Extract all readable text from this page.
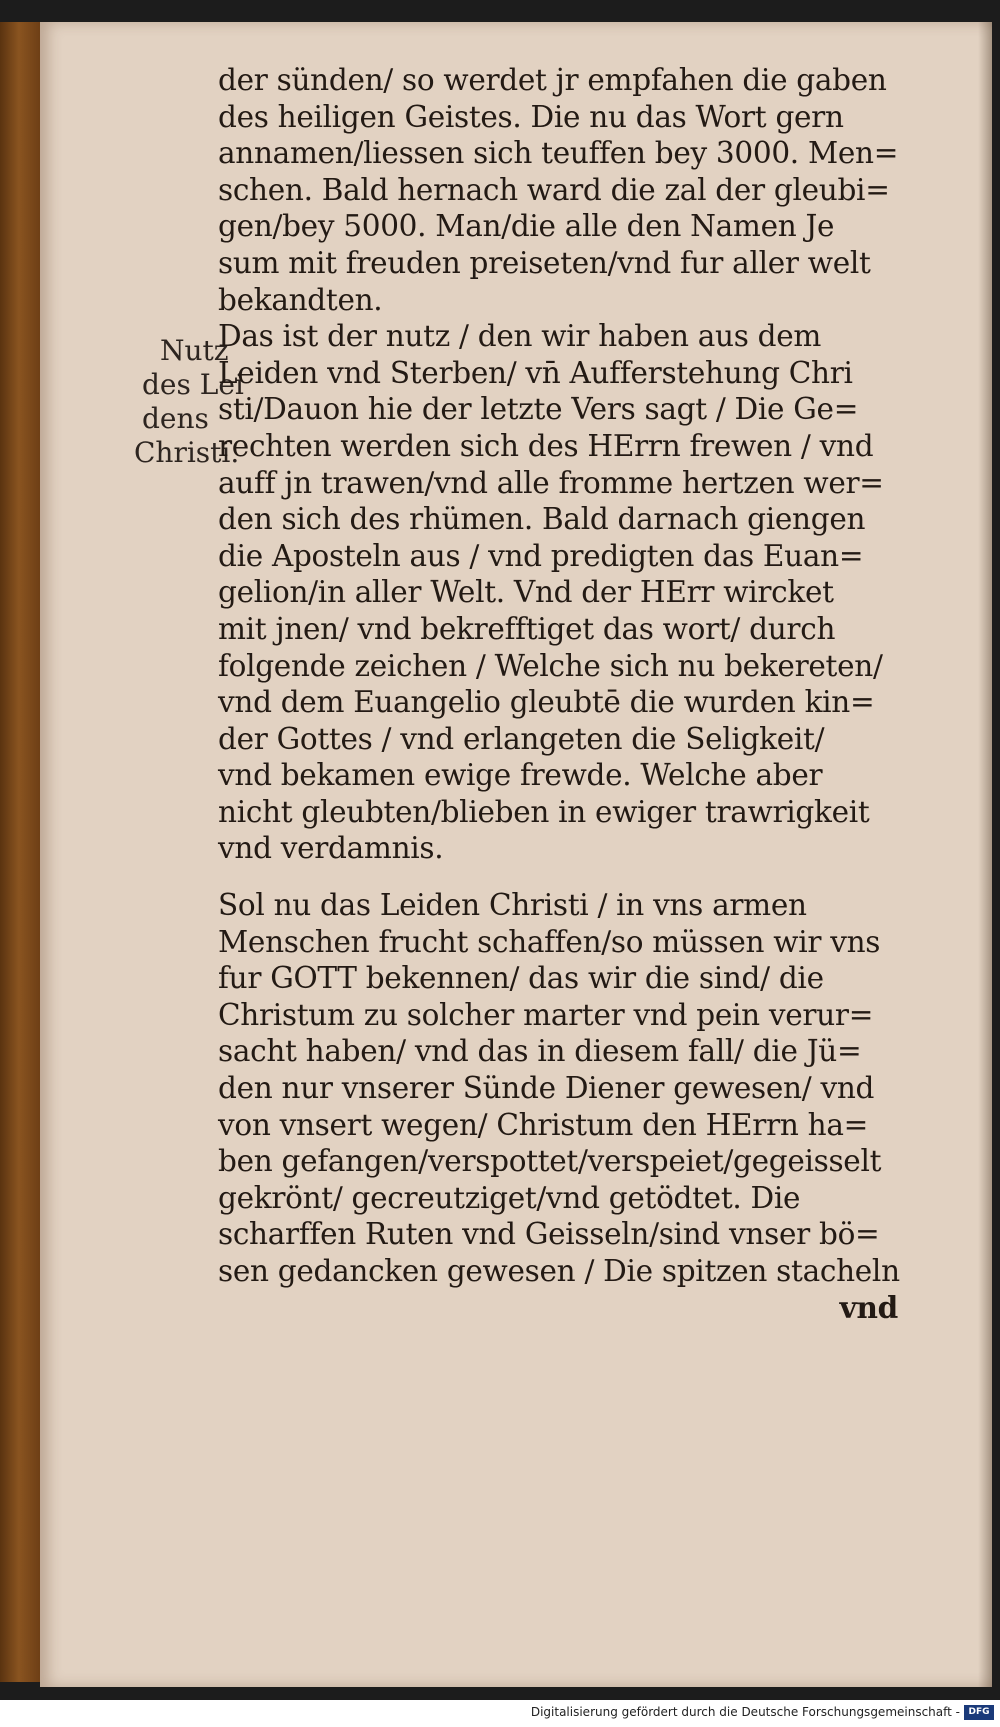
Nutz
des Lei
dens
Christi.
der sünden/ so werdet jr empfahen die gaben
des heiligen Geistes. Die nu das Wort gern
annamen/liessen sich teuffen bey 3000. Men=
schen. Bald hernach ward die zal der gleubi=
gen/bey 5000. Man/die alle den Namen Je
sum mit freuden preiseten/vnd fur aller welt
bekandten.
Das ist der nutz / den wir haben aus dem
Leiden vnd Sterben/ vn̄ Aufferstehung Chri
sti/Dauon hie der letzte Vers sagt / Die Ge=
rechten werden sich des HErrn frewen / vnd
auff jn trawen/vnd alle fromme hertzen wer=
den sich des rhümen. Bald darnach giengen
die Aposteln aus / vnd predigten das Euan=
gelion/in aller Welt. Vnd der HErr wircket
mit jnen/ vnd bekrefftiget das wort/ durch
folgende zeichen / Welche sich nu bekereten/
vnd dem Euangelio gleubtē die wurden kin=
der Gottes / vnd erlangeten die Seligkeit/
vnd bekamen ewige frewde. Welche aber
nicht gleubten/blieben in ewiger trawrigkeit
vnd verdamnis.
Sol nu das Leiden Christi / in vns armen
Menschen frucht schaffen/so müssen wir vns
fur GOTT bekennen/ das wir die sind/ die
Christum zu solcher marter vnd pein verur=
sacht haben/ vnd das in diesem fall/ die Jü=
den nur vnserer Sünde Diener gewesen/ vnd
von vnsert wegen/ Christum den HErrn ha=
ben gefangen/verspottet/verspeiet/gegeisselt
gekrönt/ gecreutziget/vnd getödtet. Die
scharffen Ruten vnd Geisseln/sind vnser bö=
sen gedancken gewesen / Die spitzen stacheln
vnd
Digitalisierung gefördert durch die Deutsche Forschungsgemeinschaft - DFG
